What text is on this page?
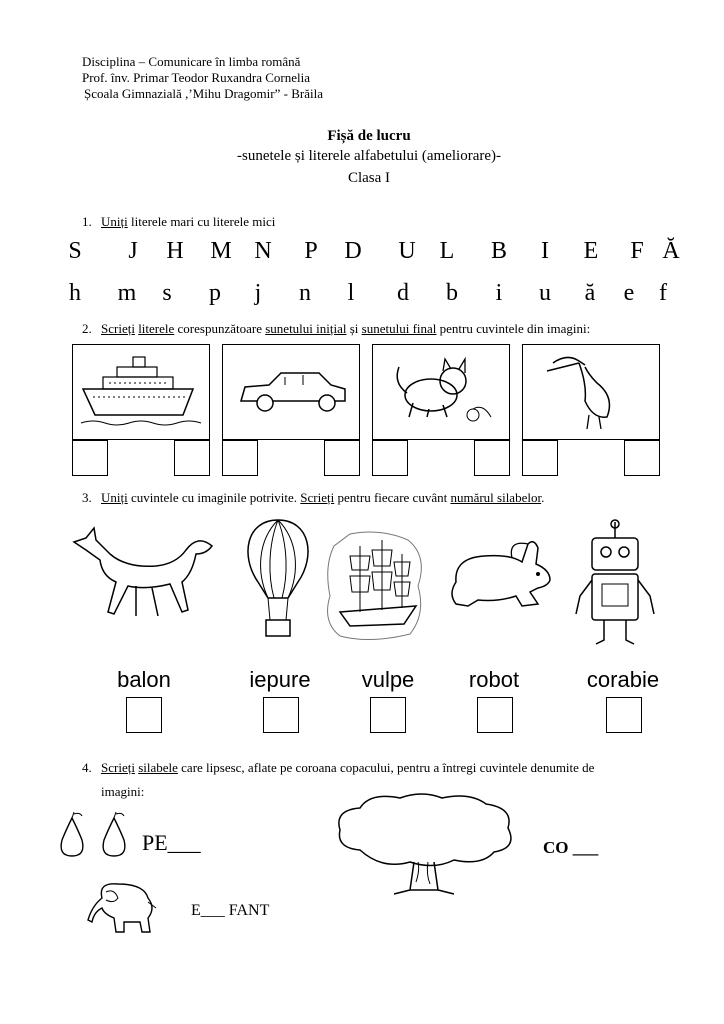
Disciplina – Comunicare în limba română
Prof. înv. Primar Teodor Ruxandra Cornelia
Școala Gimnazială ,’Mihu Dragomir” - Brăila
Fișă de lucru
-sunetele și literele alfabetului (ameliorare)-
Clasa I
1. Uniți literele mari cu literele mici
S	J	H M N	P	D U L	B	I	E	F Ă
h	m	s	p	j	n	l	d	b	i	u	ă	e	f
2. Scrieți literele corespunzătoare sunetului inițial și sunetului final pentru cuvintele din imagini:
3. Uniți cuvintele cu imaginile potrivite. Scrieți pentru fiecare cuvânt numărul silabelor.
balon	iepure	vulpe	robot	corabie
4. Scrieți silabele care lipsesc, aflate pe coroana copacului, pentru a întregi cuvintele denumite de
imagini:
PE___	CO ___
E___ FANT
